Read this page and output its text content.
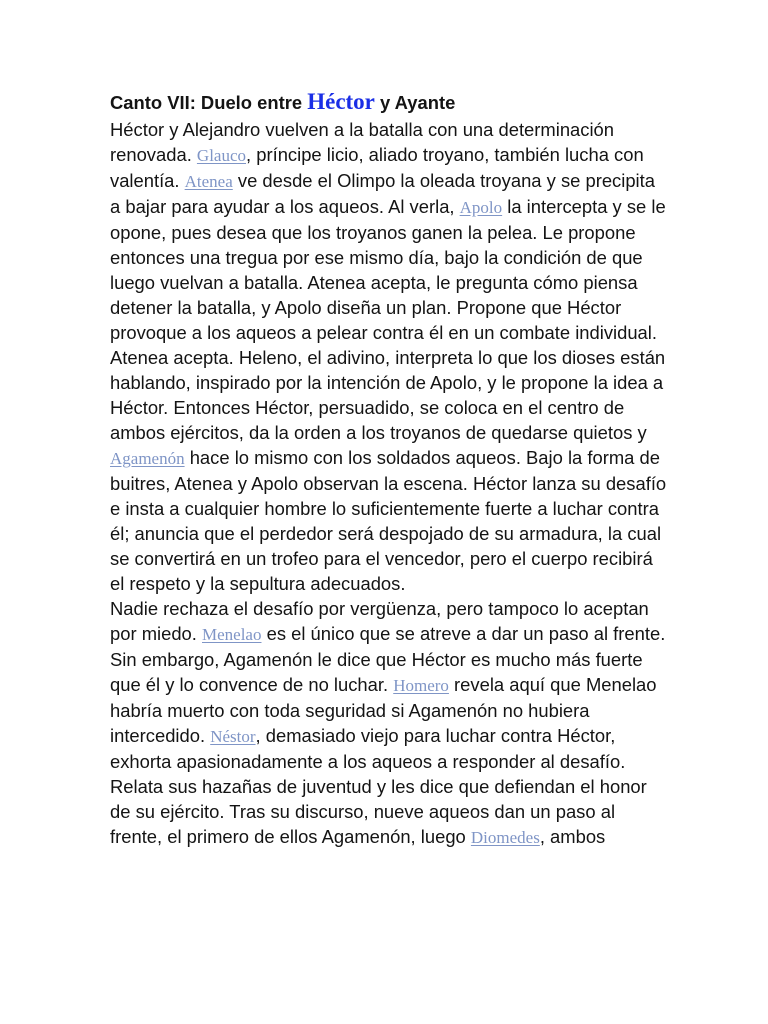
Canto VII: Duelo entre Héctor y Ayante

Héctor y Alejandro vuelven a la batalla con una determinación renovada. Glauco, príncipe licio, aliado troyano, también lucha con valentía. Atenea ve desde el Olimpo la oleada troyana y se precipita a bajar para ayudar a los aqueos. Al verla, Apolo la intercepta y se le opone, pues desea que los troyanos ganen la pelea. Le propone entonces una tregua por ese mismo día, bajo la condición de que luego vuelvan a batalla. Atenea acepta, le pregunta cómo piensa detener la batalla, y Apolo diseña un plan. Propone que Héctor provoque a los aqueos a pelear contra él en un combate individual. Atenea acepta. Heleno, el adivino, interpreta lo que los dioses están hablando, inspirado por la intención de Apolo, y le propone la idea a Héctor. Entonces Héctor, persuadido, se coloca en el centro de ambos ejércitos, da la orden a los troyanos de quedarse quietos y Agamenón hace lo mismo con los soldados aqueos. Bajo la forma de buitres, Atenea y Apolo observan la escena. Héctor lanza su desafío e insta a cualquier hombre lo suficientemente fuerte a luchar contra él; anuncia que el perdedor será despojado de su armadura, la cual se convertirá en un trofeo para el vencedor, pero el cuerpo recibirá el respeto y la sepultura adecuados.

Nadie rechaza el desafío por vergüenza, pero tampoco lo aceptan por miedo. Menelao es el único que se atreve a dar un paso al frente. Sin embargo, Agamenón le dice que Héctor es mucho más fuerte que él y lo convence de no luchar. Homero revela aquí que Menelao habría muerto con toda seguridad si Agamenón no hubiera intercedido. Néstor, demasiado viejo para luchar contra Héctor, exhorta apasionadamente a los aqueos a responder al desafío. Relata sus hazañas de juventud y les dice que defiendan el honor de su ejército. Tras su discurso, nueve aqueos dan un paso al frente, el primero de ellos Agamenón, luego Diomedes, ambos
